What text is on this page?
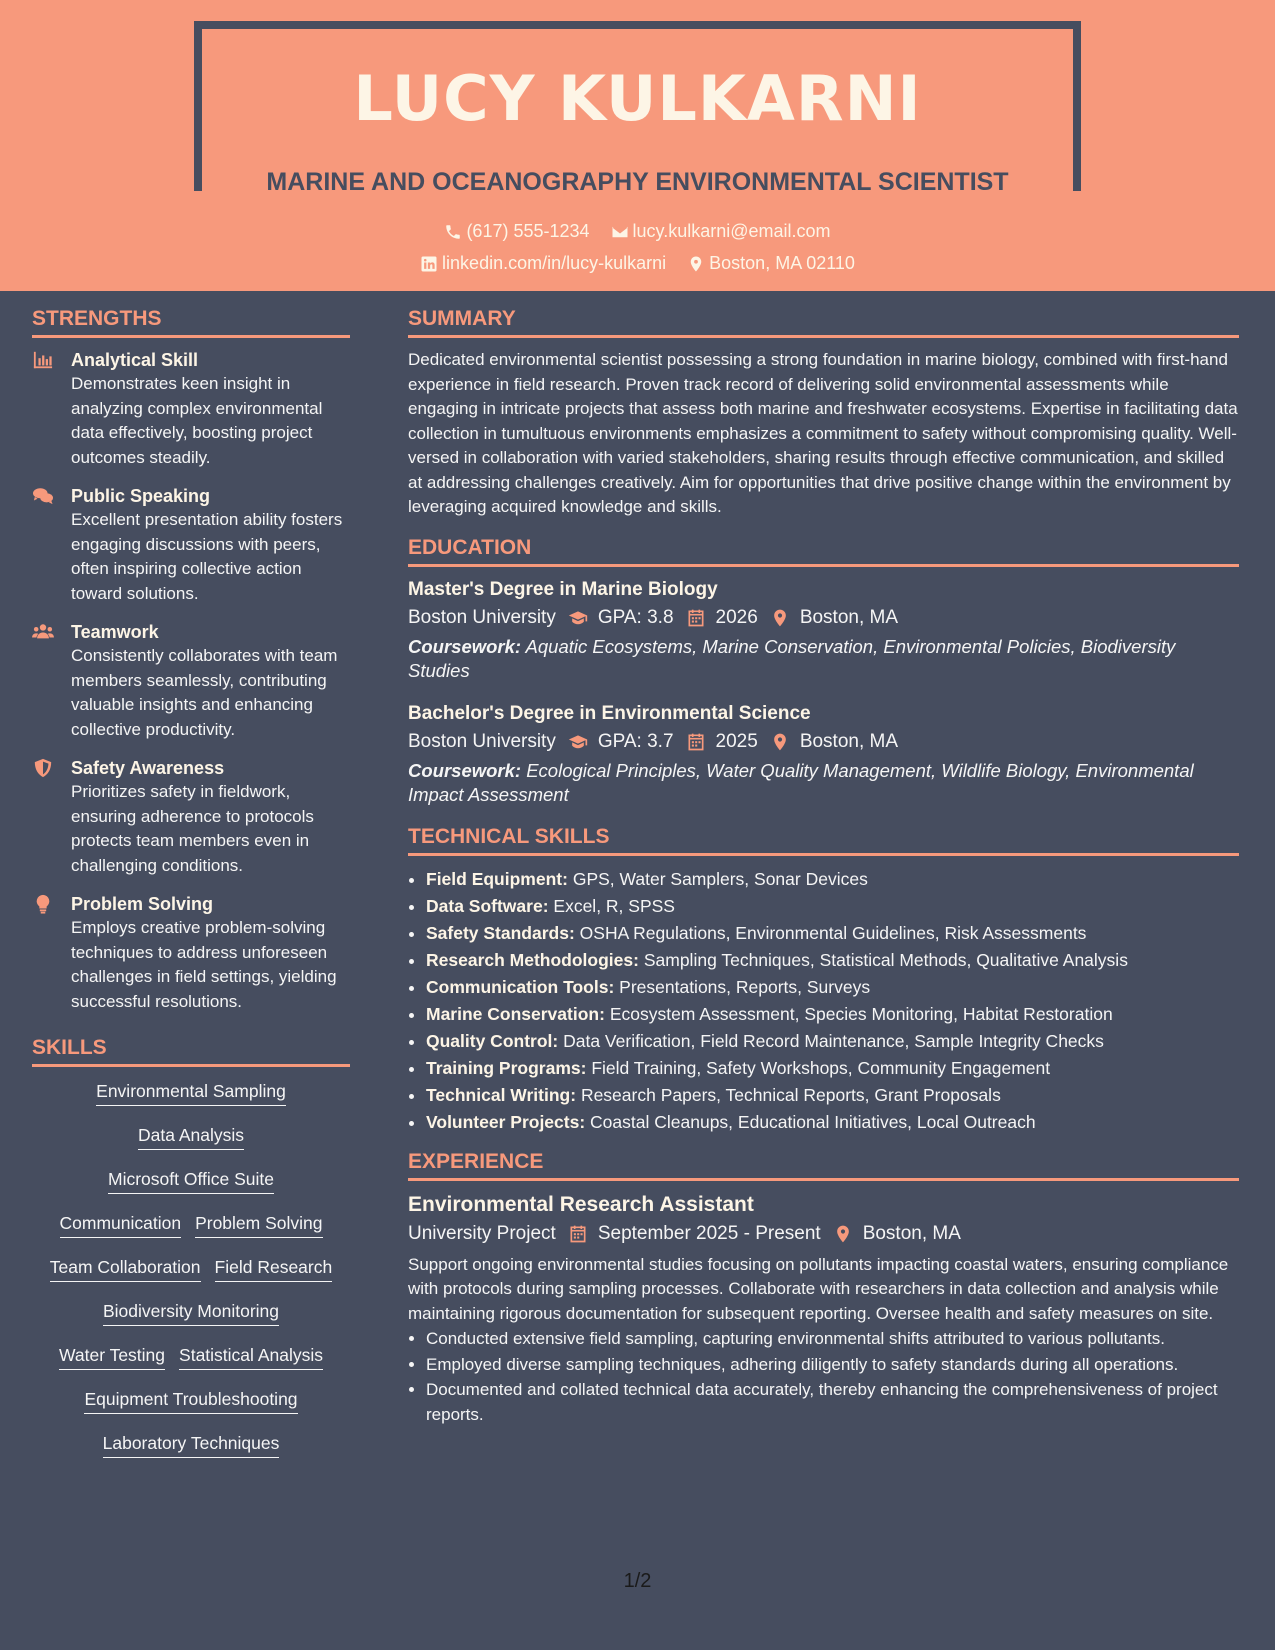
LUCY KULKARNI
MARINE AND OCEANOGRAPHY ENVIRONMENTAL SCIENTIST
(617) 555-1234
lucy.kulkarni@email.com
linkedin.com/in/lucy-kulkarni
Boston, MA 02110
STRENGTHS
Analytical Skill
Demonstrates keen insight in analyzing complex environmental data effectively, boosting project outcomes steadily.
Public Speaking
Excellent presentation ability fosters engaging discussions with peers, often inspiring collective action toward solutions.
Teamwork
Consistently collaborates with team members seamlessly, contributing valuable insights and enhancing collective productivity.
Safety Awareness
Prioritizes safety in fieldwork, ensuring adherence to protocols protects team members even in challenging conditions.
Problem Solving
Employs creative problem-solving techniques to address unforeseen challenges in field settings, yielding successful resolutions.
SKILLS
Environmental Sampling
Data Analysis
Microsoft Office Suite
Communication Problem Solving
Team Collaboration Field Research
Biodiversity Monitoring
Water Testing Statistical Analysis
Equipment Troubleshooting
Laboratory Techniques
SUMMARY
Dedicated environmental scientist possessing a strong foundation in marine biology, combined with first-hand experience in field research. Proven track record of delivering solid environmental assessments while engaging in intricate projects that assess both marine and freshwater ecosystems. Expertise in facilitating data collection in tumultuous environments emphasizes a commitment to safety without compromising quality. Well-versed in collaboration with varied stakeholders, sharing results through effective communication, and skilled at addressing challenges creatively. Aim for opportunities that drive positive change within the environment by leveraging acquired knowledge and skills.
EDUCATION
Master's Degree in Marine Biology
Boston University GPA: 3.8 2026 Boston, MA
Coursework: Aquatic Ecosystems, Marine Conservation, Environmental Policies, Biodiversity Studies
Bachelor's Degree in Environmental Science
Boston University GPA: 3.7 2025 Boston, MA
Coursework: Ecological Principles, Water Quality Management, Wildlife Biology, Environmental Impact Assessment
TECHNICAL SKILLS
• Field Equipment: GPS, Water Samplers, Sonar Devices
• Data Software: Excel, R, SPSS
• Safety Standards: OSHA Regulations, Environmental Guidelines, Risk Assessments
• Research Methodologies: Sampling Techniques, Statistical Methods, Qualitative Analysis
• Communication Tools: Presentations, Reports, Surveys
• Marine Conservation: Ecosystem Assessment, Species Monitoring, Habitat Restoration
• Quality Control: Data Verification, Field Record Maintenance, Sample Integrity Checks
• Training Programs: Field Training, Safety Workshops, Community Engagement
• Technical Writing: Research Papers, Technical Reports, Grant Proposals
• Volunteer Projects: Coastal Cleanups, Educational Initiatives, Local Outreach
EXPERIENCE
Environmental Research Assistant
University Project September 2025 - Present Boston, MA
Support ongoing environmental studies focusing on pollutants impacting coastal waters, ensuring compliance with protocols during sampling processes. Collaborate with researchers in data collection and analysis while maintaining rigorous documentation for subsequent reporting. Oversee health and safety measures on site.
• Conducted extensive field sampling, capturing environmental shifts attributed to various pollutants.
• Employed diverse sampling techniques, adhering diligently to safety standards during all operations.
• Documented and collated technical data accurately, thereby enhancing the comprehensiveness of project reports.
1/2
